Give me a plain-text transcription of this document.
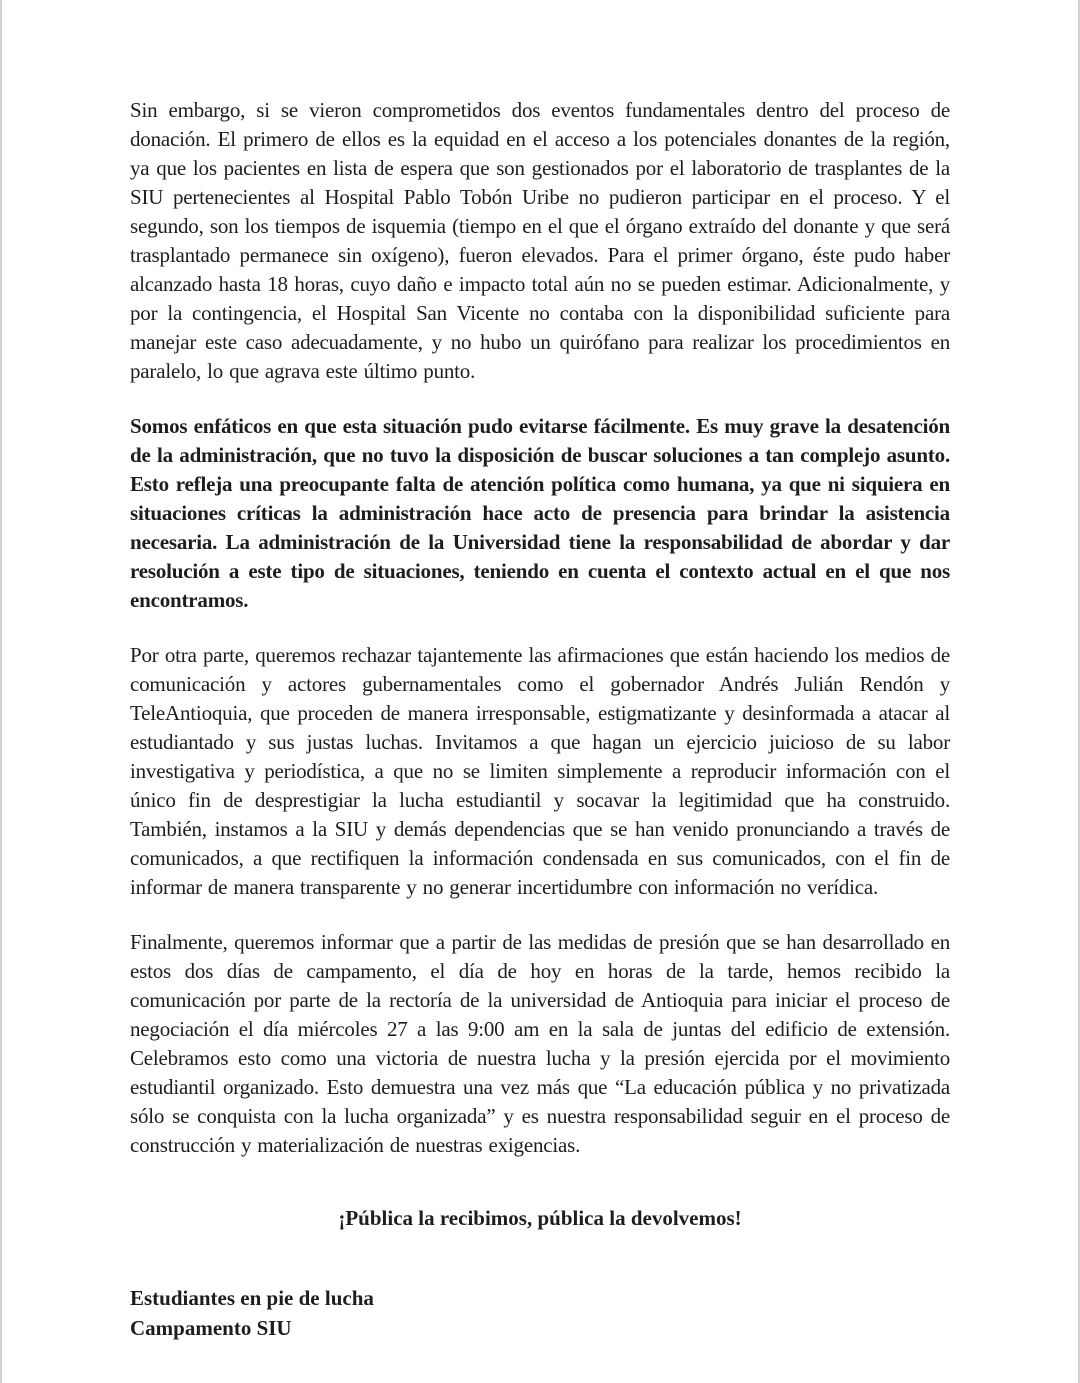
Sin embargo, si se vieron comprometidos dos eventos fundamentales dentro del proceso de donación. El primero de ellos es la equidad en el acceso a los potenciales donantes de la región, ya que los pacientes en lista de espera que son gestionados por el laboratorio de trasplantes de la SIU pertenecientes al Hospital Pablo Tobón Uribe no pudieron participar en el proceso. Y el segundo, son los tiempos de isquemia (tiempo en el que el órgano extraído del donante y que será trasplantado permanece sin oxígeno), fueron elevados. Para el primer órgano, éste pudo haber alcanzado hasta 18 horas, cuyo daño e impacto total aún no se pueden estimar. Adicionalmente, y por la contingencia, el Hospital San Vicente no contaba con la disponibilidad suficiente para manejar este caso adecuadamente, y no hubo un quirófano para realizar los procedimientos en paralelo, lo que agrava este último punto.

Somos enfáticos en que esta situación pudo evitarse fácilmente. Es muy grave la desatención de la administración, que no tuvo la disposición de buscar soluciones a tan complejo asunto. Esto refleja una preocupante falta de atención política como humana, ya que ni siquiera en situaciones críticas la administración hace acto de presencia para brindar la asistencia necesaria. La administración de la Universidad tiene la responsabilidad de abordar y dar resolución a este tipo de situaciones, teniendo en cuenta el contexto actual en el que nos encontramos.

Por otra parte, queremos rechazar tajantemente las afirmaciones que están haciendo los medios de comunicación y actores gubernamentales como el gobernador Andrés Julián Rendón y TeleAntioquia, que proceden de manera irresponsable, estigmatizante y desinformada a atacar al estudiantado y sus justas luchas. Invitamos a que hagan un ejercicio juicioso de su labor investigativa y periodística, a que no se limiten simplemente a reproducir información con el único fin de desprestigiar la lucha estudiantil y socavar la legitimidad que ha construido. También, instamos a la SIU y demás dependencias que se han venido pronunciando a través de comunicados, a que rectifiquen la información condensada en sus comunicados, con el fin de informar de manera transparente y no generar incertidumbre con información no verídica.

Finalmente, queremos informar que a partir de las medidas de presión que se han desarrollado en estos dos días de campamento, el día de hoy en horas de la tarde, hemos recibido la comunicación por parte de la rectoría de la universidad de Antioquia para iniciar el proceso de negociación el día miércoles 27 a las 9:00 am en la sala de juntas del edificio de extensión. Celebramos esto como una victoria de nuestra lucha y la presión ejercida por el movimiento estudiantil organizado. Esto demuestra una vez más que “La educación pública y no privatizada sólo se conquista con la lucha organizada” y es nuestra responsabilidad seguir en el proceso de construcción y materialización de nuestras exigencias.

¡Pública la recibimos, pública la devolvemos!

Estudiantes en pie de lucha

Campamento SIU
